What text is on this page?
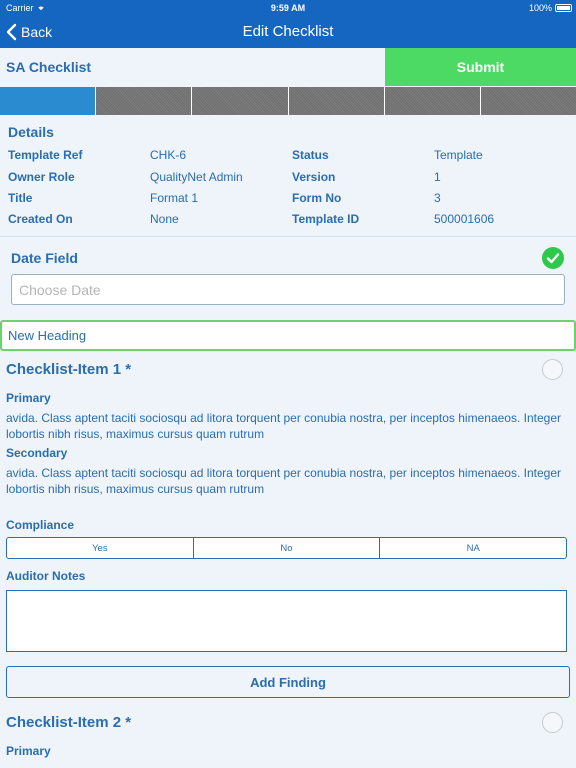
Carrier	9:59 AM	100%
Back	Edit Checklist
SA Checklist	Submit
Details
Template Ref	CHK-6	Status	Template
Owner Role	QualityNet Admin	Version	1
Title	Format 1	Form No	3
Created On	None	Template ID	500001606
Date Field
Choose Date
New Heading
Checklist-Item 1 *
Primary
avida. Class aptent taciti sociosqu ad litora torquent per conubia nostra, per inceptos himenaeos. Integer lobortis nibh risus, maximus cursus quam rutrum
Secondary
avida. Class aptent taciti sociosqu ad litora torquent per conubia nostra, per inceptos himenaeos. Integer lobortis nibh risus, maximus cursus quam rutrum
Compliance
Yes	No	NA
Auditor Notes
Add Finding
Checklist-Item 2 *
Primary
